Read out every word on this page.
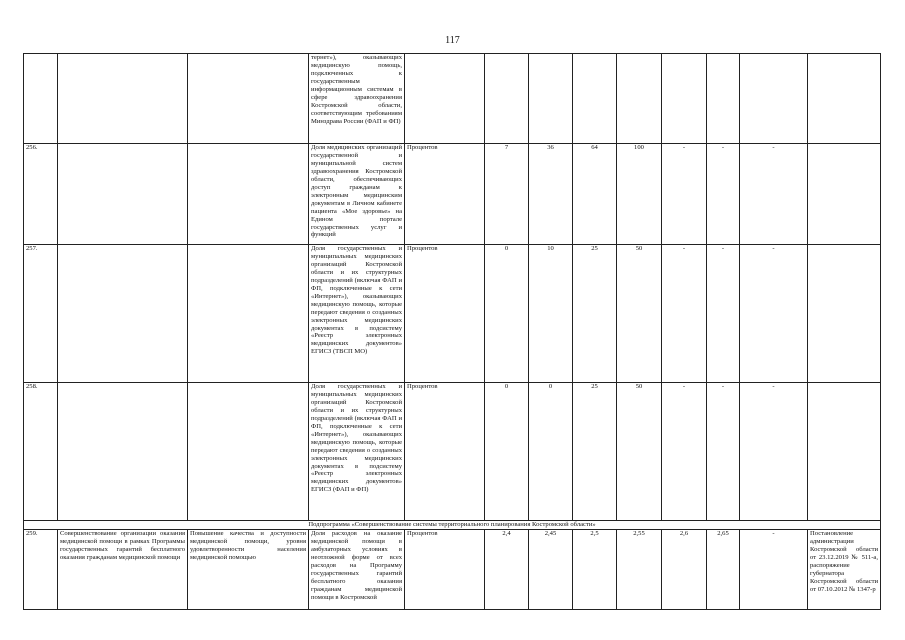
117
			тернет»), оказывающих медицинскую помощь, подключенных к государственным информационным системам в сфере здравоохранения Костромской области, соответствующим требованиям Минздрава России (ФАП и ФП)									
256.			Доля медицинских организаций государственной и муниципальной систем здравоохранения Костромской области, обеспечивающих доступ гражданам к электронным медицинским документам в Личном кабинете пациента «Мое здоровье» на Едином портале государственных услуг и функций	Процентов	7	36	64	100	-	-	-	
257.			Доля государственных и муниципальных медицинских организаций Костромской области и их структурных подразделений (включая ФАП и ФП, подключенные к сети «Интернет»), оказывающих медицинскую помощь, которые передают сведения о созданных электронных медицинских документах в подсистему «Реестр электронных медицинских документов» ЕГИСЗ (ТВСП МО)	Процентов	0	10	25	50	-	-	-	
258.			Доля государственных и муниципальных медицинских организаций Костромской области и их структурных подразделений (включая ФАП и ФП, подключенные к сети «Интернет»), оказывающих медицинскую помощь, которые передают сведения о созданных электронных медицинских документах в подсистему «Реестр электронных медицинских документов» ЕГИСЗ (ФАП и ФП)	Процентов	0	0	25	50	-	-	-	
Подпрограмма «Совершенствование системы территориального планирования Костромской области»												
259.	Совершенствование организации оказания медицинской помощи в рамках Программы государственных гарантий бесплатного оказания гражданам медицинской помощи	Повышение качества и доступности медицинской помощи, уровня удовлетворенности населения медицинской помощью	Доля расходов на оказание медицинской помощи в амбулаторных условиях в неотложной форме от всех расходов на Программу государственных гарантий бесплатного оказания гражданам медицинской помощи в Костромской	Процентов	2,4	2,45	2,5	2,55	2,6	2,65	-	Постановление администрации Костромской области от 23.12.2019 № 511-а, распоряжение губернатора Костромской области от 07.10.2012 № 1347-р
